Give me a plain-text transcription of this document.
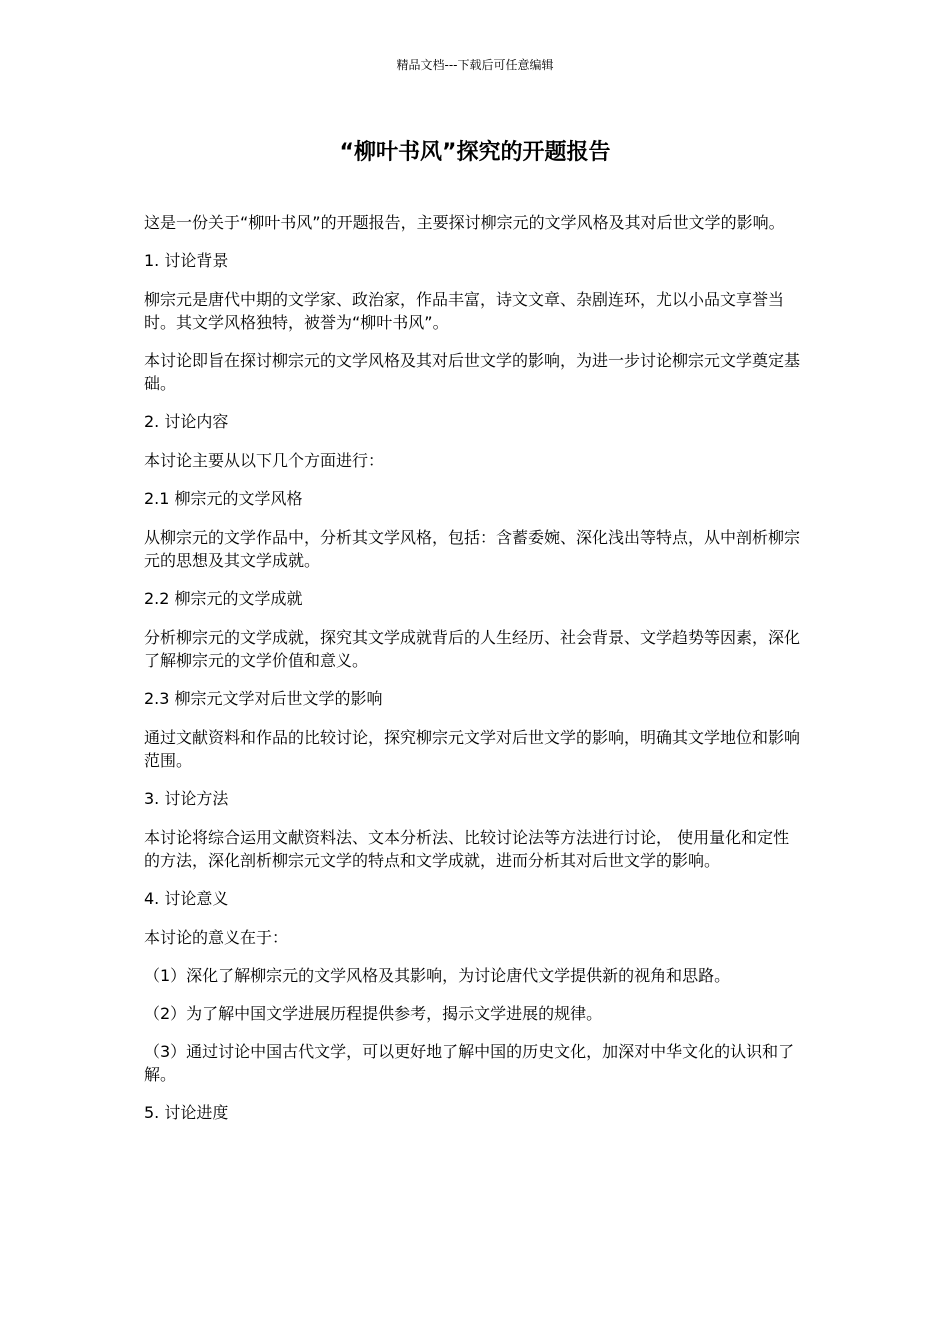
精品文档---下载后可任意编辑
“柳叶书风”探究的开题报告

这是一份关于“柳叶书风”的开题报告，主要探讨柳宗元的文学风格及其对后世文学的影响。

1. 讨论背景

柳宗元是唐代中期的文学家、政治家，作品丰富，诗文文章、杂剧连环，尤以小品文享誉当时。其文学风格独特，被誉为“柳叶书风”。

本讨论即旨在探讨柳宗元的文学风格及其对后世文学的影响，为进一步讨论柳宗元文学奠定基础。

2. 讨论内容

本讨论主要从以下几个方面进行：

2.1 柳宗元的文学风格

从柳宗元的文学作品中，分析其文学风格，包括：含蓄委婉、深化浅出等特点，从中剖析柳宗元的思想及其文学成就。

2.2 柳宗元的文学成就

分析柳宗元的文学成就，探究其文学成就背后的人生经历、社会背景、文学趋势等因素，深化了解柳宗元的文学价值和意义。

2.3 柳宗元文学对后世文学的影响

通过文献资料和作品的比较讨论，探究柳宗元文学对后世文学的影响，明确其文学地位和影响范围。

3. 讨论方法

本讨论将综合运用文献资料法、文本分析法、比较讨论法等方法进行讨论， 使用量化和定性的方法，深化剖析柳宗元文学的特点和文学成就，进而分析其对后世文学的影响。

4. 讨论意义

本讨论的意义在于：

（1）深化了解柳宗元的文学风格及其影响，为讨论唐代文学提供新的视角和思路。

（2）为了解中国文学进展历程提供参考，揭示文学进展的规律。

（3）通过讨论中国古代文学，可以更好地了解中国的历史文化，加深对中华文化的认识和了解。

5. 讨论进度
